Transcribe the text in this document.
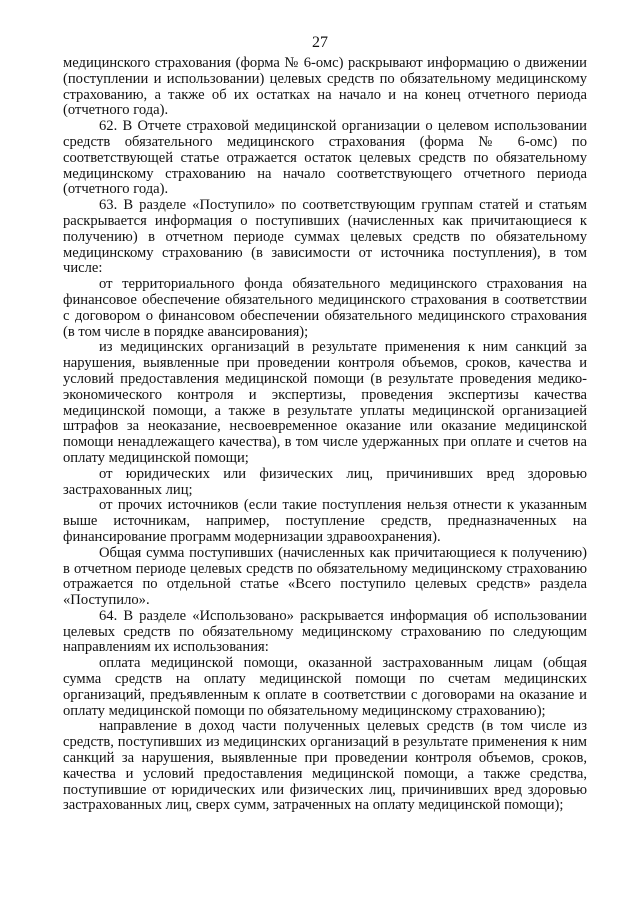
27

медицинского страхования (форма № 6-омс) раскрывают информацию о движении (поступлении и использовании) целевых средств по обязательному медицинскому страхованию, а также об их остатках на начало и на конец отчетного периода (отчетного года).

62. В Отчете страховой медицинской организации о целевом использовании средств обязательного медицинского страхования (форма № 6-омс) по соответствующей статье отражается остаток целевых средств по обязательному медицинскому страхованию на начало соответствующего отчетного периода (отчетного года).

63. В разделе «Поступило» по соответствующим группам статей и статьям раскрывается информация о поступивших (начисленных как причитающиеся к получению) в отчетном периоде суммах целевых средств по обязательному медицинскому страхованию (в зависимости от источника поступления), в том числе:

от территориального фонда обязательного медицинского страхования на финансовое обеспечение обязательного медицинского страхования в соответствии с договором о финансовом обеспечении обязательного медицинского страхования (в том числе в порядке авансирования);

из медицинских организаций в результате применения к ним санкций за нарушения, выявленные при проведении контроля объемов, сроков, качества и условий предоставления медицинской помощи (в результате проведения медико-экономического контроля и экспертизы, проведения экспертизы качества медицинской помощи, а также в результате уплаты медицинской организацией штрафов за неоказание, несвоевременное оказание или оказание медицинской помощи ненадлежащего качества), в том числе удержанных при оплате и счетов на оплату медицинской помощи;

от юридических или физических лиц, причинивших вред здоровью застрахованных лиц;

от прочих источников (если такие поступления нельзя отнести к указанным выше источникам, например, поступление средств, предназначенных на финансирование программ модернизации здравоохранения).

Общая сумма поступивших (начисленных как причитающиеся к получению) в отчетном периоде целевых средств по обязательному медицинскому страхованию отражается по отдельной статье «Всего поступило целевых средств» раздела «Поступило».

64. В разделе «Использовано» раскрывается информация об использовании целевых средств по обязательному медицинскому страхованию по следующим направлениям их использования:

оплата медицинской помощи, оказанной застрахованным лицам (общая сумма средств на оплату медицинской помощи по счетам медицинских организаций, предъявленным к оплате в соответствии с договорами на оказание и оплату медицинской помощи по обязательному медицинскому страхованию);

направление в доход части полученных целевых средств (в том числе из средств, поступивших из медицинских организаций в результате применения к ним санкций за нарушения, выявленные при проведении контроля объемов, сроков, качества и условий предоставления медицинской помощи, а также средства, поступившие от юридических или физических лиц, причинивших вред здоровью застрахованных лиц, сверх сумм, затраченных на оплату медицинской помощи);
